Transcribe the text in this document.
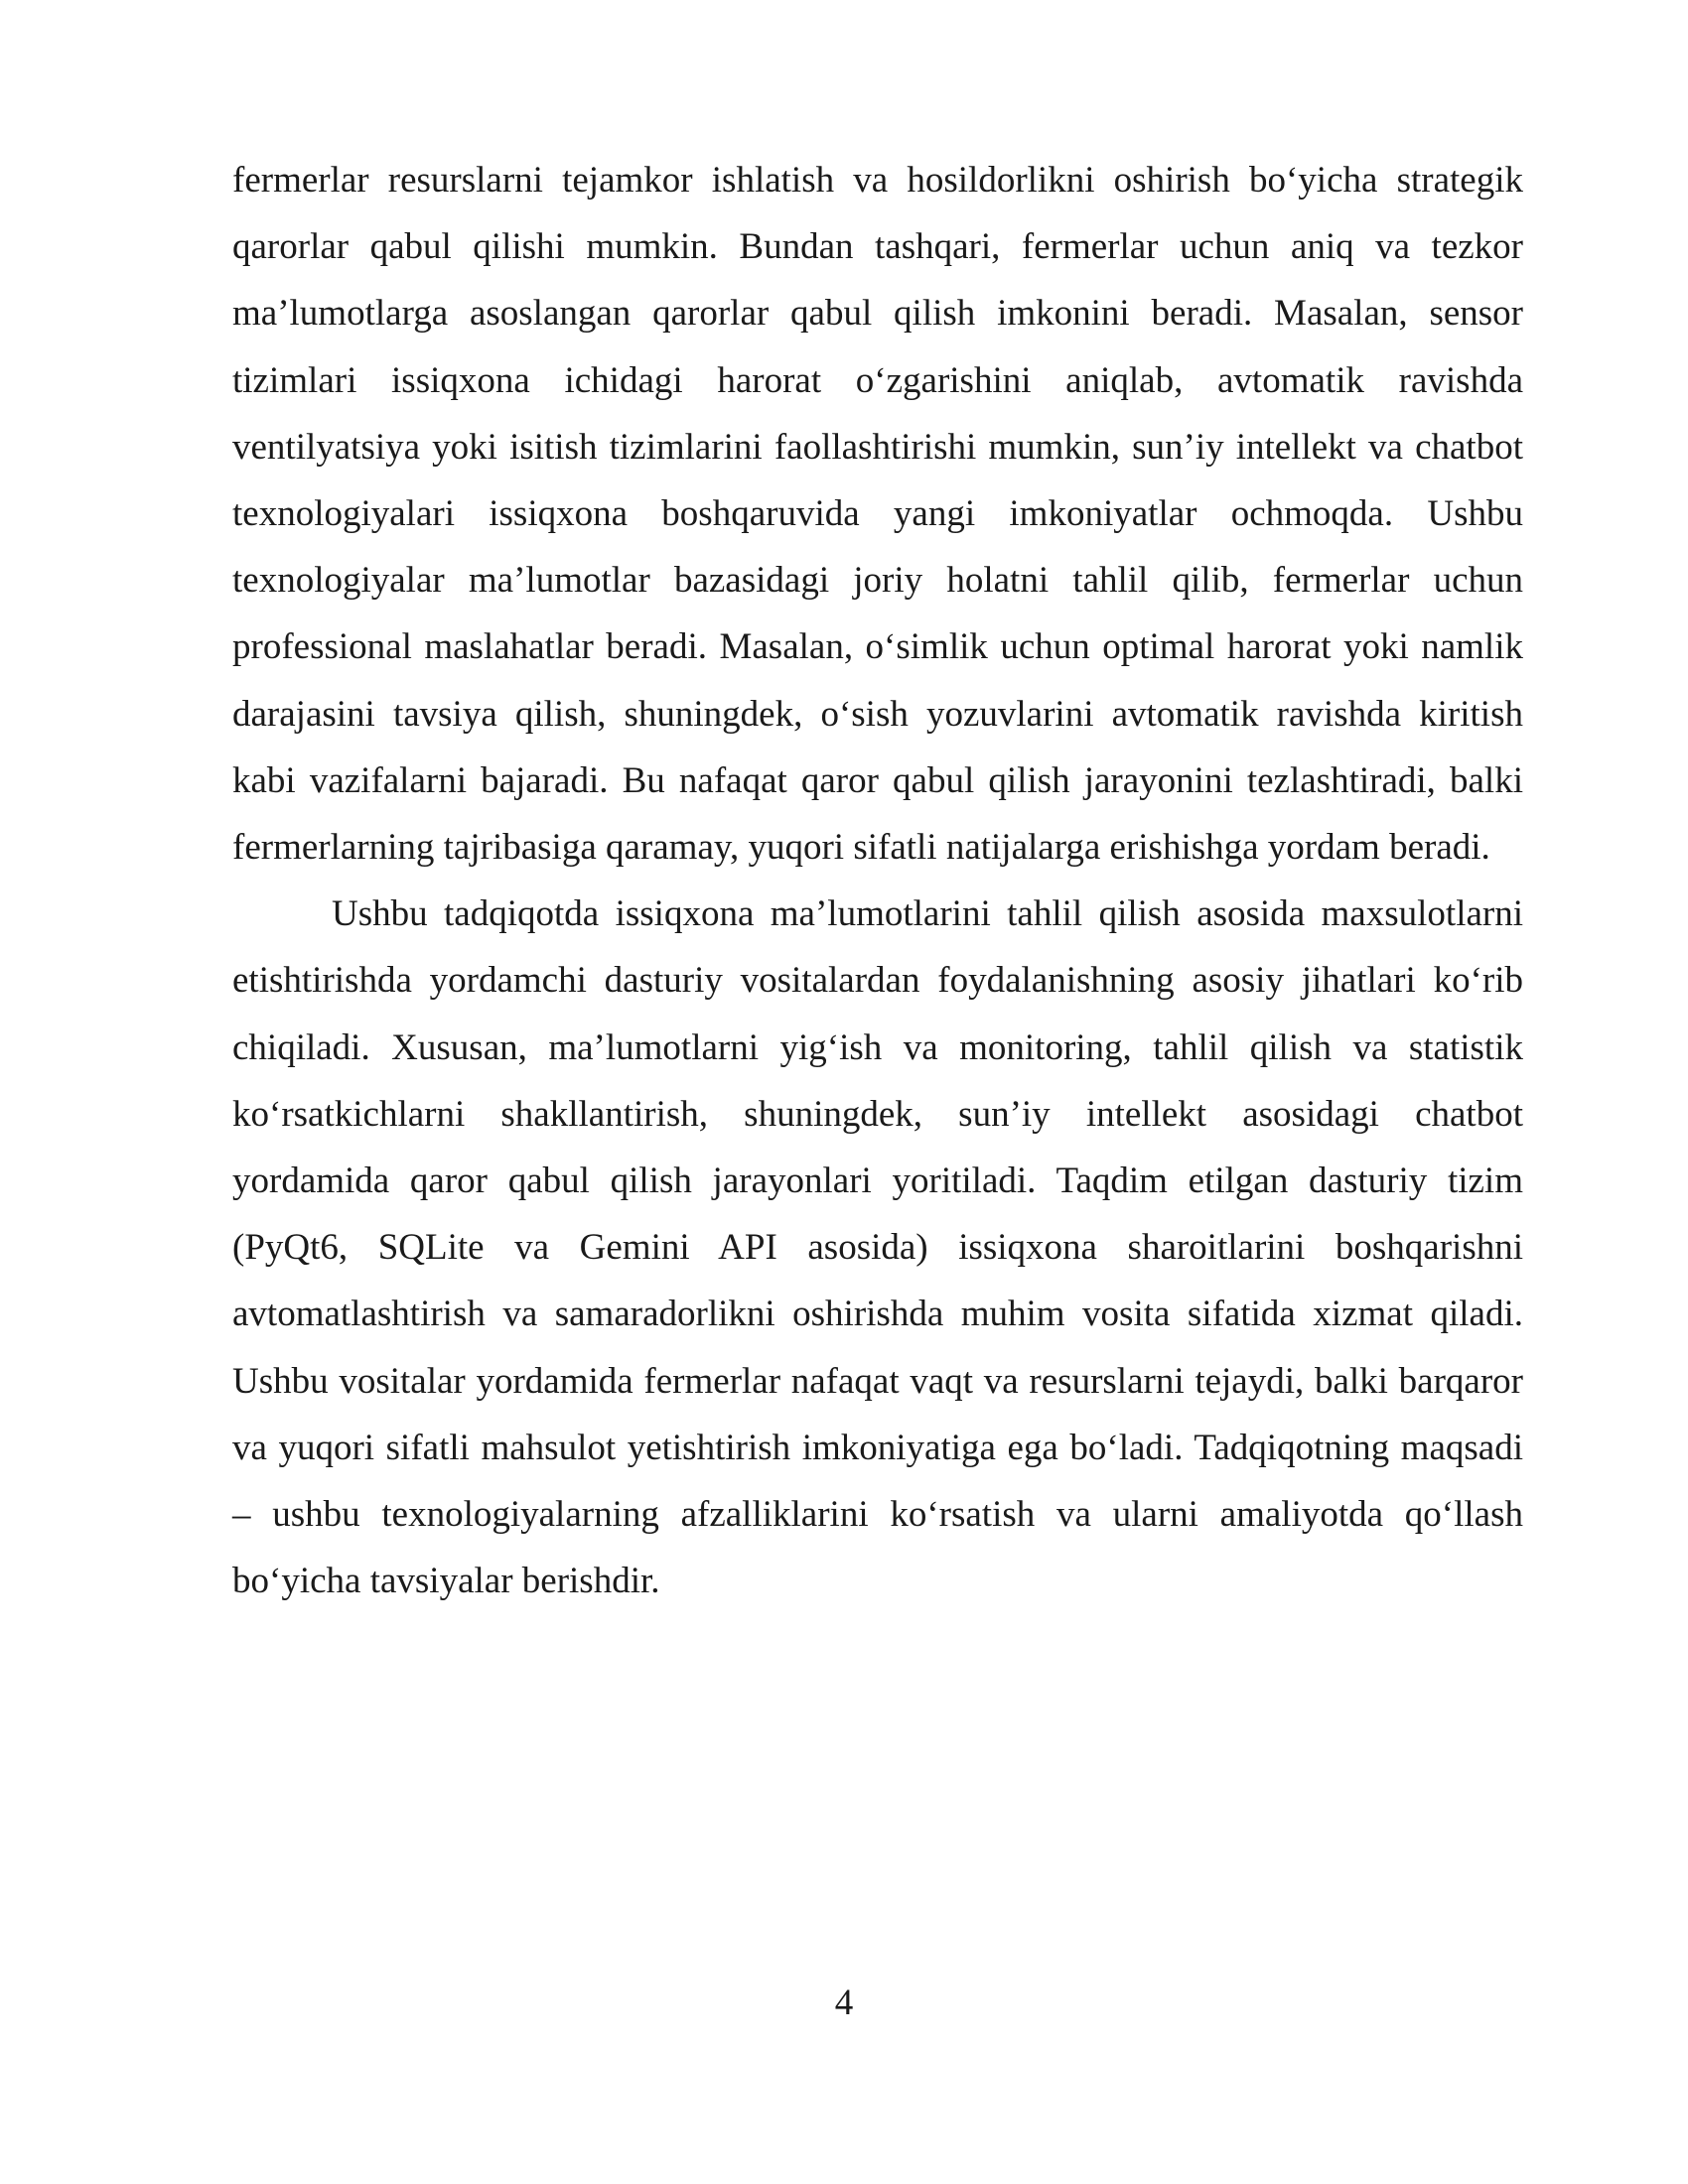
fermerlar resurslarni tejamkor ishlatish va hosildorlikni oshirish bo‘yicha strategik qarorlar qabul qilishi mumkin. Bundan tashqari, fermerlar uchun aniq va tezkor ma’lumotlarga asoslangan qarorlar qabul qilish imkonini beradi. Masalan, sensor tizimlari issiqxona ichidagi harorat o‘zgarishini aniqlab, avtomatik ravishda ventilyatsiya yoki isitish tizimlarini faollashtirishi mumkin, sun’iy intellekt va chatbot texnologiyalari issiqxona boshqaruvida yangi imkoniyatlar ochmoqda. Ushbu texnologiyalar ma’lumotlar bazasidagi joriy holatni tahlil qilib, fermerlar uchun professional maslahatlar beradi. Masalan, o‘simlik uchun optimal harorat yoki namlik darajasini tavsiya qilish, shuningdek, o‘sish yozuvlarini avtomatik ravishda kiritish kabi vazifalarni bajaradi. Bu nafaqat qaror qabul qilish jarayonini tezlashtiradi, balki fermerlarning tajribasiga qaramay, yuqori sifatli natijalarga erishishga yordam beradi.

Ushbu tadqiqotda issiqxona ma’lumotlarini tahlil qilish asosida maxsulotlarni etishtirishda yordamchi dasturiy vositalardan foydalanishning asosiy jihatlari ko‘rib chiqiladi. Xususan, ma’lumotlarni yig‘ish va monitoring, tahlil qilish va statistik ko‘rsatkichlarni shakllantirish, shuningdek, sun’iy intellekt asosidagi chatbot yordamida qaror qabul qilish jarayonlari yoritiladi. Taqdim etilgan dasturiy tizim (PyQt6, SQLite va Gemini API asosida) issiqxona sharoitlarini boshqarishni avtomatlashtirish va samaradorlikni oshirishda muhim vosita sifatida xizmat qiladi. Ushbu vositalar yordamida fermerlar nafaqat vaqt va resurslarni tejaydi, balki barqaror va yuqori sifatli mahsulot yetishtirish imkoniyatiga ega bo‘ladi. Tadqiqotning maqsadi – ushbu texnologiyalarning afzalliklarini ko‘rsatish va ularni amaliyotda qo‘llash bo‘yicha tavsiyalar berishdir.

4
